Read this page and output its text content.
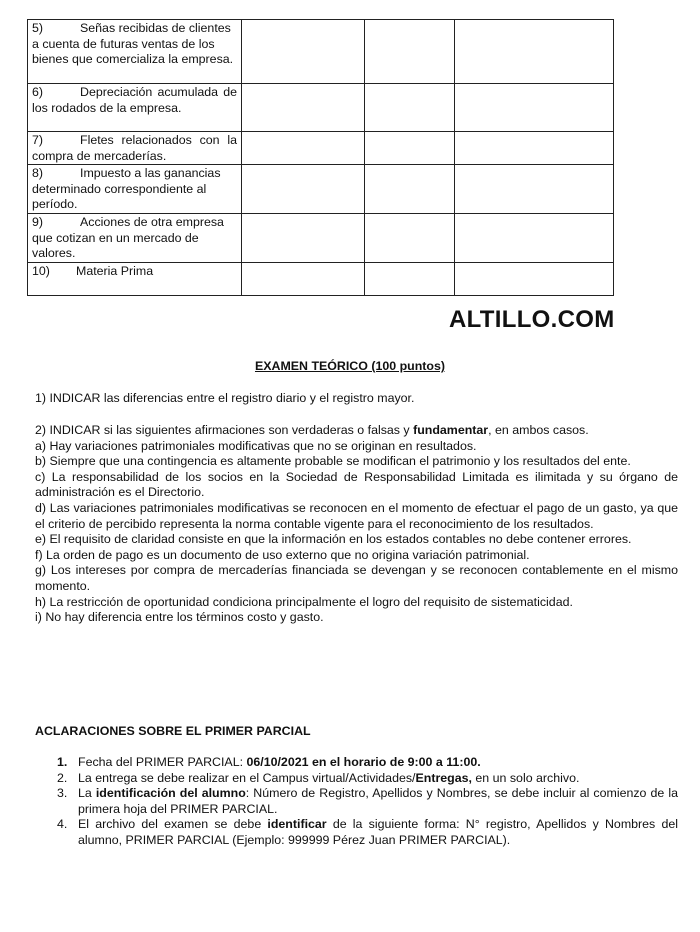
5) Señas recibidas de clientes a cuenta de futuras ventas de los bienes que comercializa la empresa.			
6) Depreciación acumulada de los rodados de la empresa.			
7) Fletes relacionados con la compra de mercaderías.			
8) Impuesto a las ganancias determinado correspondiente al período.			
9) Acciones de otra empresa que cotizan en un mercado de valores.			
10) Materia Prima			
ALTILLO.COM
EXAMEN TEÓRICO (100 puntos)

1) INDICAR las diferencias entre el registro diario y el registro mayor.

2) INDICAR si las siguientes afirmaciones son verdaderas o falsas y fundamentar, en ambos casos.

a) Hay variaciones patrimoniales modificativas que no se originan en resultados.

b) Siempre que una contingencia es altamente probable se modifican el patrimonio y los resultados del ente.

c) La responsabilidad de los socios en la Sociedad de Responsabilidad Limitada es ilimitada y su órgano de administración es el Directorio.

d) Las variaciones patrimoniales modificativas se reconocen en el momento de efectuar el pago de un gasto, ya que el criterio de percibido representa la norma contable vigente para el reconocimiento de los resultados.

e) El requisito de claridad consiste en que la información en los estados contables no debe contener errores.

f) La orden de pago es un documento de uso externo que no origina variación patrimonial.

g) Los intereses por compra de mercaderías financiada se devengan y se reconocen contablemente en el mismo momento.

h) La restricción de oportunidad condiciona principalmente el logro del requisito de sistematicidad.

i) No hay diferencia entre los términos costo y gasto.

ACLARACIONES SOBRE EL PRIMER PARCIAL
1. Fecha del PRIMER PARCIAL: 06/10/2021 en el horario de 9:00 a 11:00.
2. La entrega se debe realizar en el Campus virtual/Actividades/Entregas, en un solo archivo.
3. La identificación del alumno: Número de Registro, Apellidos y Nombres, se debe incluir al comienzo de la primera hoja del PRIMER PARCIAL.
4. El archivo del examen se debe identificar de la siguiente forma: N° registro, Apellidos y Nombres del alumno, PRIMER PARCIAL (Ejemplo: 999999 Pérez Juan PRIMER PARCIAL).
